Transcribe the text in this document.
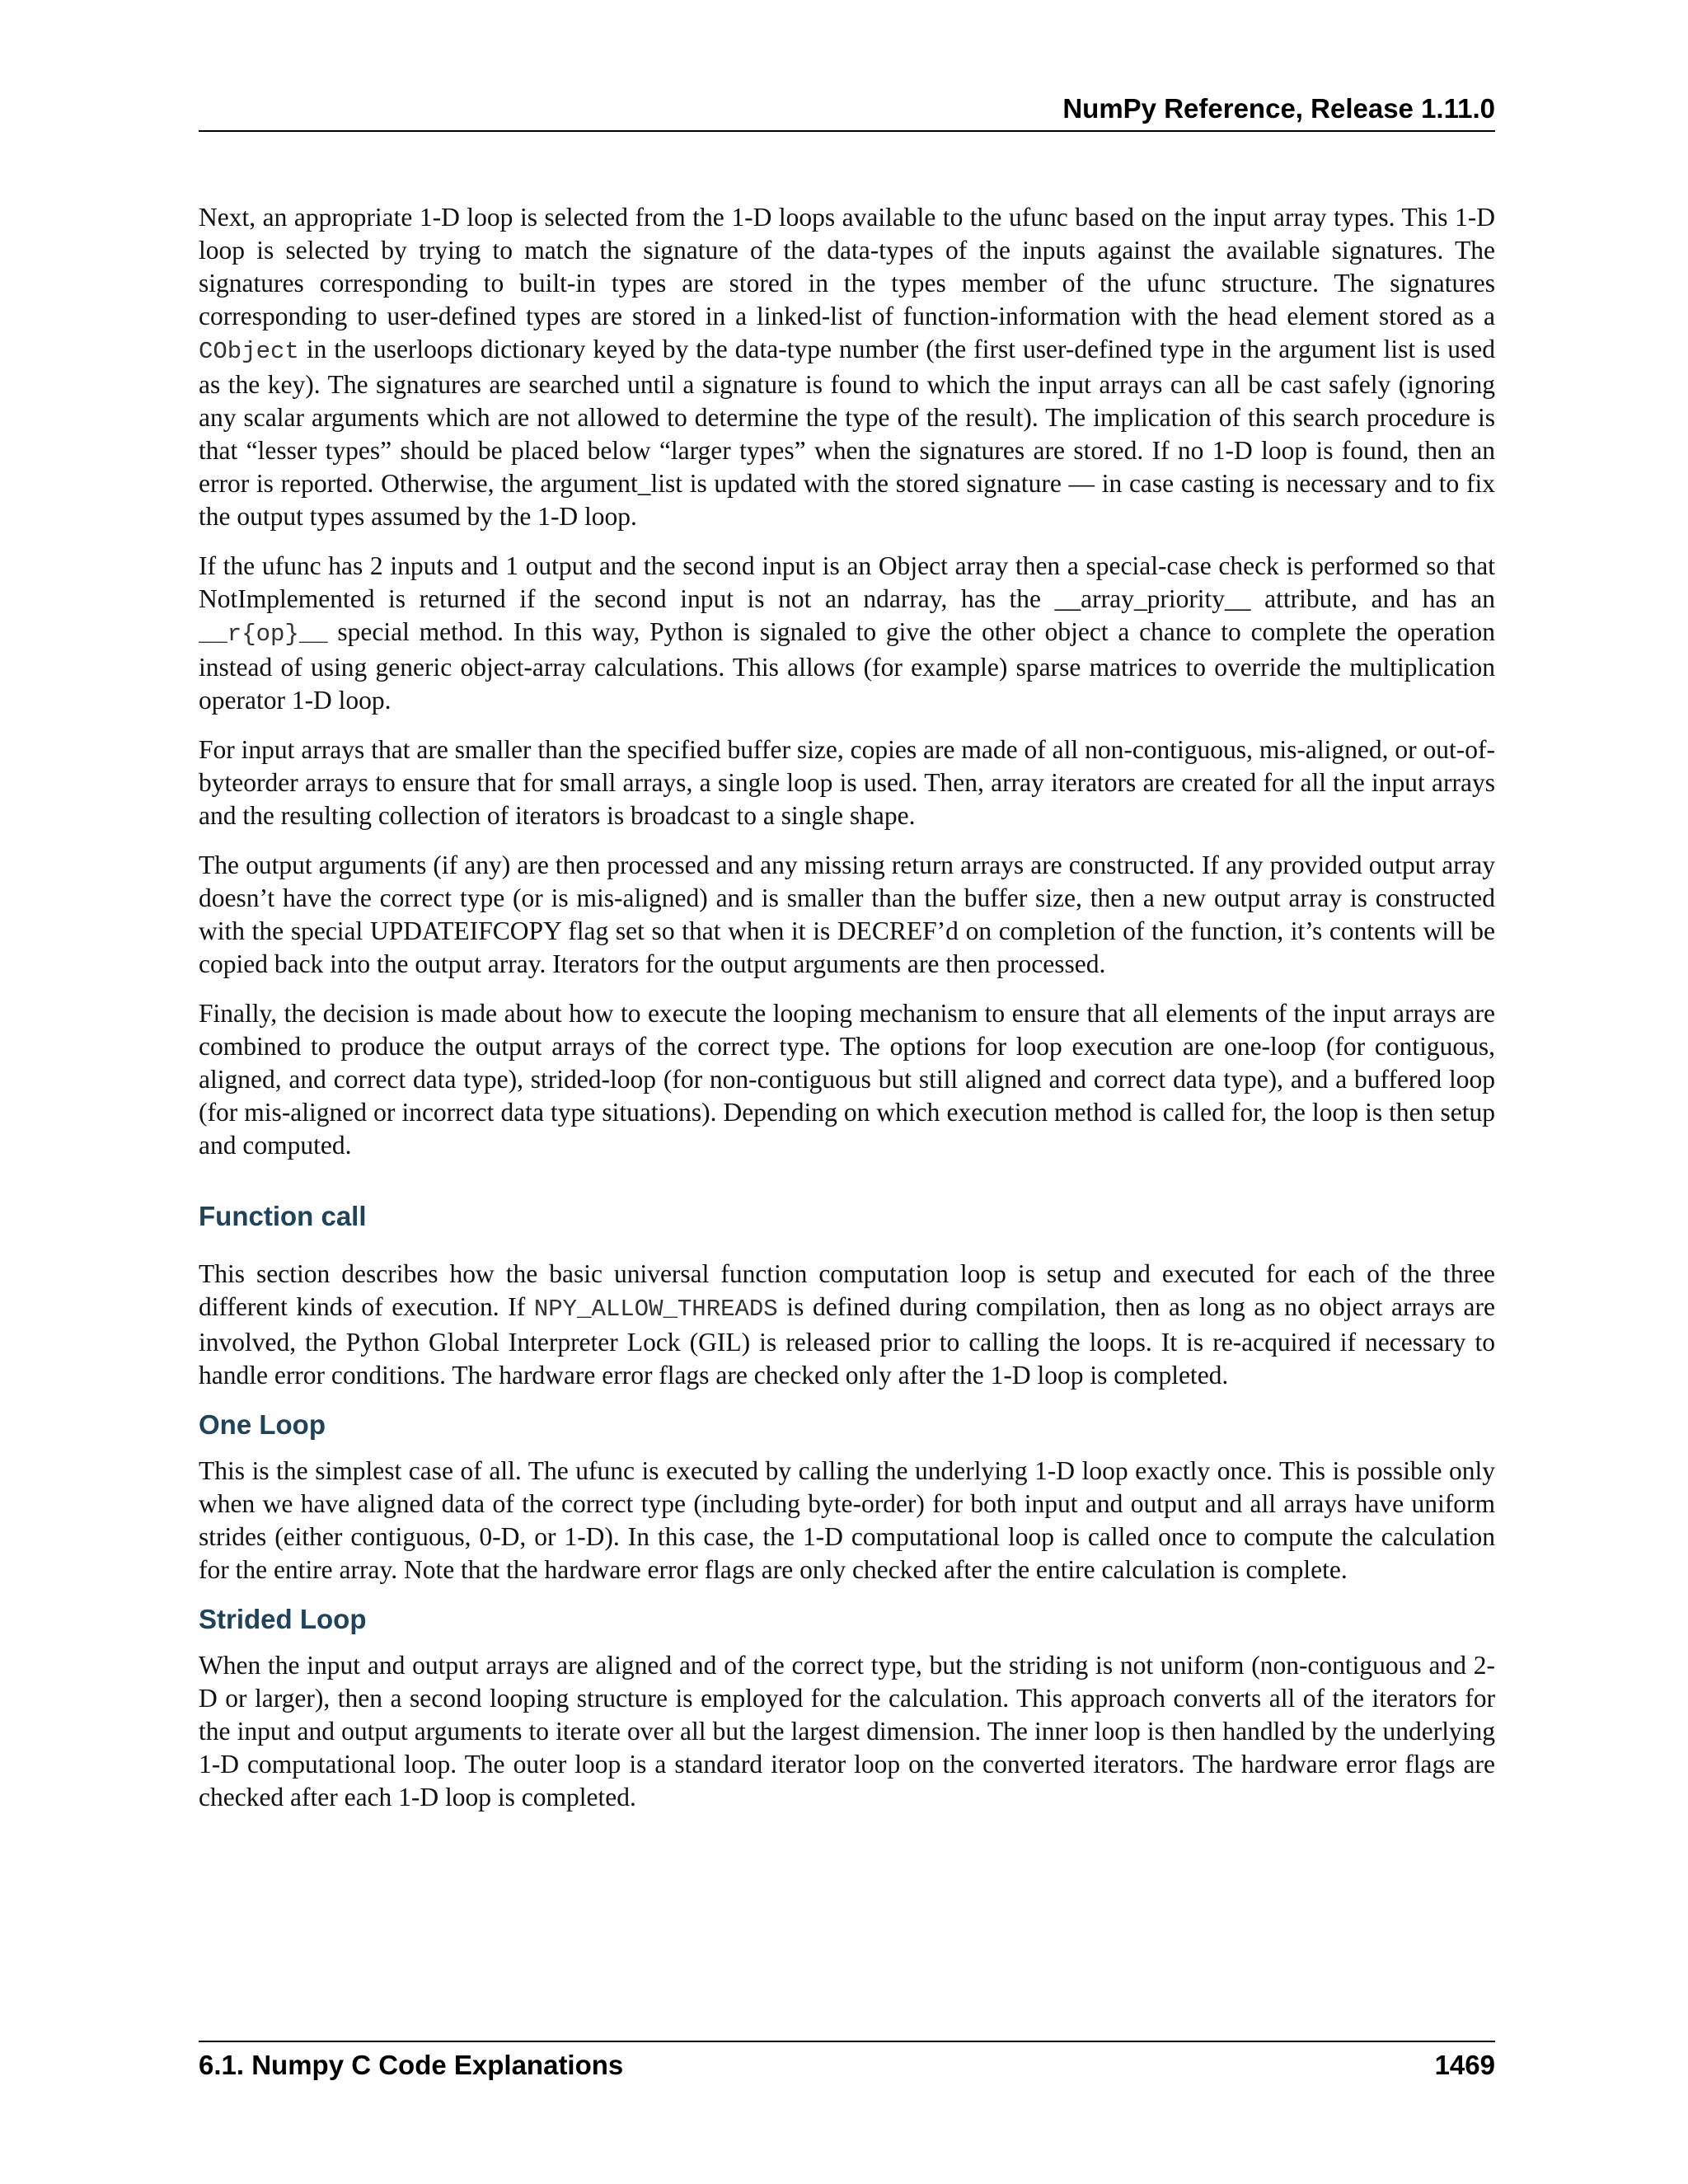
NumPy Reference, Release 1.11.0

Next, an appropriate 1-D loop is selected from the 1-D loops available to the ufunc based on the input array types. This 1-D loop is selected by trying to match the signature of the data-types of the inputs against the available signatures. The signatures corresponding to built-in types are stored in the types member of the ufunc structure. The signatures corresponding to user-defined types are stored in a linked-list of function-information with the head element stored as a CObject in the userloops dictionary keyed by the data-type number (the first user-defined type in the argument list is used as the key). The signatures are searched until a signature is found to which the input arrays can all be cast safely (ignoring any scalar arguments which are not allowed to determine the type of the result). The implication of this search procedure is that “lesser types” should be placed below “larger types” when the signatures are stored. If no 1-D loop is found, then an error is reported. Otherwise, the argument_list is updated with the stored signature — in case casting is necessary and to fix the output types assumed by the 1-D loop.

If the ufunc has 2 inputs and 1 output and the second input is an Object array then a special-case check is performed so that NotImplemented is returned if the second input is not an ndarray, has the __array_priority__ attribute, and has an __r{op}__ special method. In this way, Python is signaled to give the other object a chance to complete the operation instead of using generic object-array calculations. This allows (for example) sparse matrices to override the multiplication operator 1-D loop.

For input arrays that are smaller than the specified buffer size, copies are made of all non-contiguous, mis-aligned, or out-of- byteorder arrays to ensure that for small arrays, a single loop is used. Then, array iterators are created for all the input arrays and the resulting collection of iterators is broadcast to a single shape.

The output arguments (if any) are then processed and any missing return arrays are constructed. If any provided output array doesn’t have the correct type (or is mis-aligned) and is smaller than the buffer size, then a new output array is constructed with the special UPDATEIFCOPY flag set so that when it is DECREF’d on completion of the function, it’s contents will be copied back into the output array. Iterators for the output arguments are then processed.

Finally, the decision is made about how to execute the looping mechanism to ensure that all elements of the input arrays are combined to produce the output arrays of the correct type. The options for loop execution are one-loop (for contiguous, aligned, and correct data type), strided-loop (for non-contiguous but still aligned and correct data type), and a buffered loop (for mis-aligned or incorrect data type situations). Depending on which execution method is called for, the loop is then setup and computed.

Function call

This section describes how the basic universal function computation loop is setup and executed for each of the three different kinds of execution. If NPY_ALLOW_THREADS is defined during compilation, then as long as no object arrays are involved, the Python Global Interpreter Lock (GIL) is released prior to calling the loops. It is re-acquired if necessary to handle error conditions. The hardware error flags are checked only after the 1-D loop is completed.

One Loop

This is the simplest case of all. The ufunc is executed by calling the underlying 1-D loop exactly once. This is possible only when we have aligned data of the correct type (including byte-order) for both input and output and all arrays have uniform strides (either contiguous, 0-D, or 1-D). In this case, the 1-D computational loop is called once to compute the calculation for the entire array. Note that the hardware error flags are only checked after the entire calculation is complete.

Strided Loop

When the input and output arrays are aligned and of the correct type, but the striding is not uniform (non-contiguous and 2-D or larger), then a second looping structure is employed for the calculation. This approach converts all of the iterators for the input and output arguments to iterate over all but the largest dimension. The inner loop is then handled by the underlying 1-D computational loop. The outer loop is a standard iterator loop on the converted iterators. The hardware error flags are checked after each 1-D loop is completed.

6.1. Numpy C Code Explanations	1469
